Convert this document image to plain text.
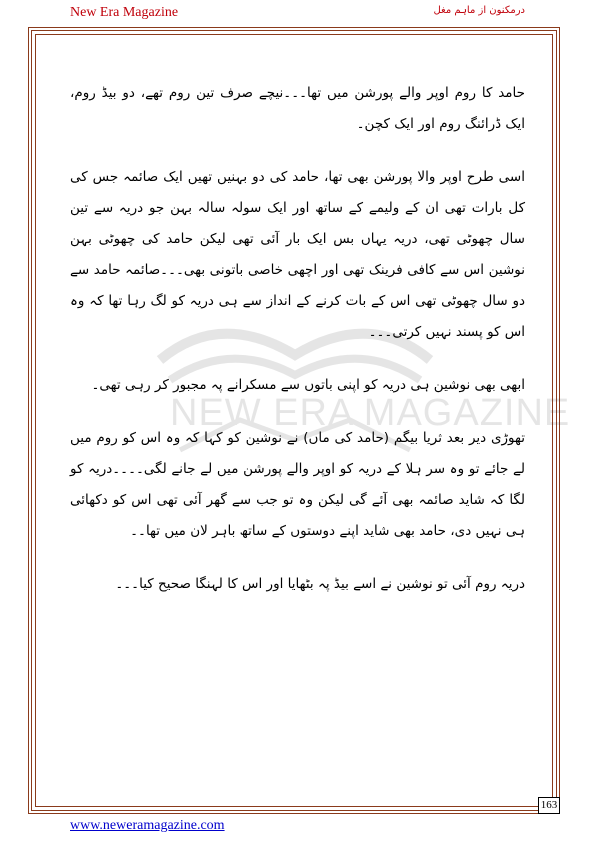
New Era Magazine	درمکنون از ماہم مغل
NEW ERA MAGAZINE

حامد کا روم اوپر والے پورشن میں تھا۔۔۔نیچے صرف تین روم تھے، دو بیڈ روم، ایک ڈرائنگ روم اور ایک کچن۔

اسی طرح اوپر والا پورشن بھی تھا، حامد کی دو بہنیں تھیں ایک صائمہ جس کی کل بارات تھی ان کے ولیمے کے ساتھ اور ایک سولہ سالہ بہن جو دریہ سے تین سال چھوٹی تھی، دریہ یہاں بس ایک بار آئی تھی لیکن حامد کی چھوٹی بہن نوشین اس سے کافی فرینک تھی اور اچھی خاصی باتونی بھی۔۔۔صائمہ حامد سے دو سال چھوٹی تھی اس کے بات کرنے کے انداز سے ہی دریہ کو لگ رہا تھا کہ وہ اس کو پسند نہیں کرتی۔۔۔

ابھی بھی نوشین ہی دریہ کو اپنی باتوں سے مسکرانے پہ مجبور کر رہی تھی۔

تھوڑی دیر بعد ثریا بیگم (حامد کی ماں) نے نوشین کو کہا کہ وہ اس کو روم میں لے جائے تو وہ سر ہلا کے دریہ کو اوپر والے پورشن میں لے جانے لگی۔۔۔۔دریہ کو لگا کہ شاید صائمہ بھی آئے گی لیکن وہ تو جب سے گھر آئی تھی اس کو دکھائی ہی نہیں دی، حامد بھی شاید اپنے دوستوں کے ساتھ باہر لان میں تھا۔۔

دریہ روم آئی تو نوشین نے اسے بیڈ پہ بٹھایا اور اس کا لہنگا صحیح کیا۔۔۔

163
www.neweramagazine.com
